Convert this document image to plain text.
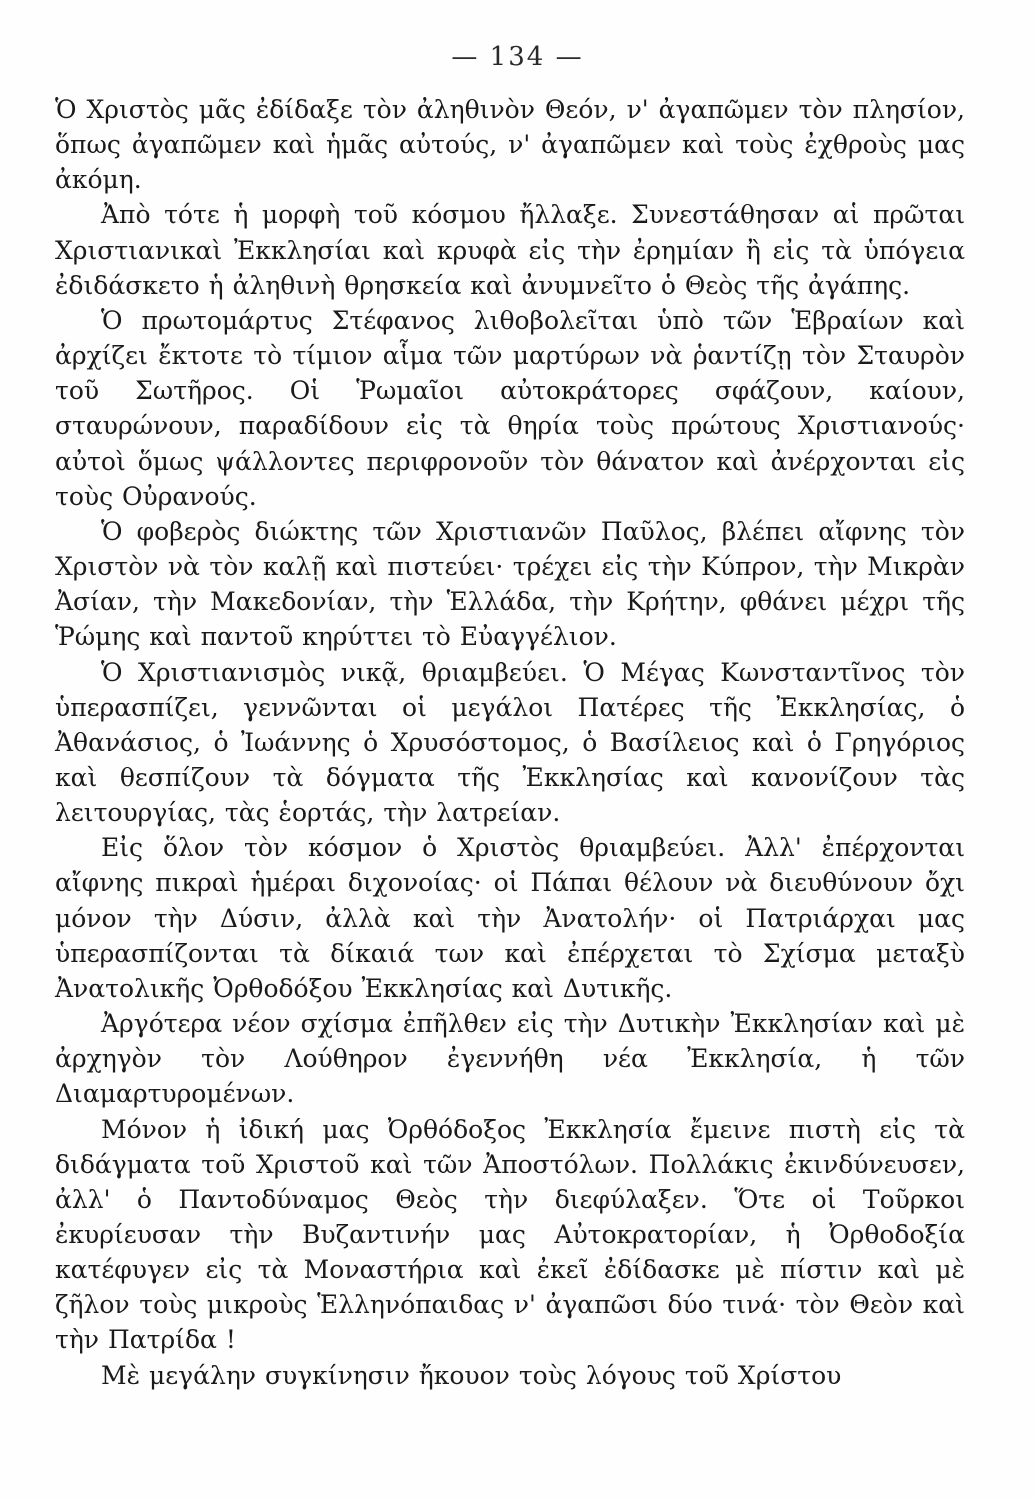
— 134 —

Ὁ Χριστὸς μᾶς ἐδίδαξε τὸν ἀληθινὸν Θεόν, ν' ἀγαπῶμεν τὸν πλησίον, ὅπως ἀγαπῶμεν καὶ ἡμᾶς αὐτούς, ν' ἀγαπῶμεν καὶ τοὺς ἐχθροὺς μας ἀκόμη.

Ἀπὸ τότε ἡ μορφὴ τοῦ κόσμου ἤλλαξε. Συνεστάθησαν αἱ πρῶται Χριστιανικαὶ Ἐκκλησίαι καὶ κρυφὰ εἰς τὴν ἐρημίαν ἢ εἰς τὰ ὑπόγεια ἐδιδάσκετο ἡ ἀληθινὴ θρησκεία καὶ ἀνυμνεῖτο ὁ Θεὸς τῆς ἀγάπης.

Ὁ πρωτομάρτυς Στέφανος λιθοβολεῖται ὑπὸ τῶν Ἑβραίων καὶ ἀρχίζει ἔκτοτε τὸ τίμιον αἷμα τῶν μαρτύρων νὰ ῥαντίζῃ τὸν Σταυρὸν τοῦ Σωτῆρος. Οἱ Ῥωμαῖοι αὐτοκράτορες σφάζουν, καίουν, σταυρώνουν, παραδίδουν εἰς τὰ θηρία τοὺς πρώτους Χριστιανούς· αὐτοὶ ὅμως ψάλλοντες περιφρονοῦν τὸν θάνατον καὶ ἀνέρχονται εἰς τοὺς Οὐρανούς.

Ὁ φοβερὸς διώκτης τῶν Χριστιανῶν Παῦλος, βλέπει αἴφνης τὸν Χριστὸν νὰ τὸν καλῇ καὶ πιστεύει· τρέχει εἰς τὴν Κύπρον, τὴν Μικρὰν Ἀσίαν, τὴν Μακεδονίαν, τὴν Ἑλλάδα, τὴν Κρήτην, φθάνει μέχρι τῆς Ῥώμης καὶ παντοῦ κηρύττει τὸ Εὐαγγέλιον.

Ὁ Χριστιανισμὸς νικᾷ, θριαμβεύει. Ὁ Μέγας Κωνσταντῖνος τὸν ὑπερασπίζει, γεννῶνται οἱ μεγάλοι Πατέρες τῆς Ἐκκλησίας, ὁ Ἀθανάσιος, ὁ Ἰωάννης ὁ Χρυσόστομος, ὁ Βασίλειος καὶ ὁ Γρηγόριος καὶ θεσπίζουν τὰ δόγματα τῆς Ἐκκλησίας καὶ κανονίζουν τὰς λειτουργίας, τὰς ἑορτάς, τὴν λατρείαν.

Εἰς ὅλον τὸν κόσμον ὁ Χριστὸς θριαμβεύει. Ἀλλ' ἐπέρχονται αἴφνης πικραὶ ἡμέραι διχονοίας· οἱ Πάπαι θέλουν νὰ διευθύνουν ὄχι μόνον τὴν Δύσιν, ἀλλὰ καὶ τὴν Ἀνατολήν· οἱ Πατριάρχαι μας ὑπερασπίζονται τὰ δίκαιά των καὶ ἐπέρχεται τὸ Σχίσμα μεταξὺ Ἀνατολικῆς Ὀρθοδόξου Ἐκκλησίας καὶ Δυτικῆς.

Ἀργότερα νέον σχίσμα ἐπῆλθεν εἰς τὴν Δυτικὴν Ἐκκλησίαν καὶ μὲ ἀρχηγὸν τὸν Λούθηρον ἐγεννήθη νέα Ἐκκλησία, ἡ τῶν Διαμαρτυρομένων.

Μόνον ἡ ἰδική μας Ὀρθόδοξος Ἐκκλησία ἔμεινε πιστὴ εἰς τὰ διδάγματα τοῦ Χριστοῦ καὶ τῶν Ἀποστόλων. Πολλάκις ἐκινδύνευσεν, ἀλλ' ὁ Παντοδύναμος Θεὸς τὴν διεφύλαξεν. Ὅτε οἱ Τοῦρκοι ἐκυρίευσαν τὴν Βυζαντινήν μας Αὐτοκρατορίαν, ἡ Ὀρθοδοξία κατέφυγεν εἰς τὰ Μοναστήρια καὶ ἐκεῖ ἐδίδασκε μὲ πίστιν καὶ μὲ ζῆλον τοὺς μικροὺς Ἑλληνόπαιδας ν' ἀγαπῶσι δύο τινά· τὸν Θεὸν καὶ τὴν Πατρίδα !

Μὲ μεγάλην συγκίνησιν ἤκουον τοὺς λόγους τοῦ Χρίστου
